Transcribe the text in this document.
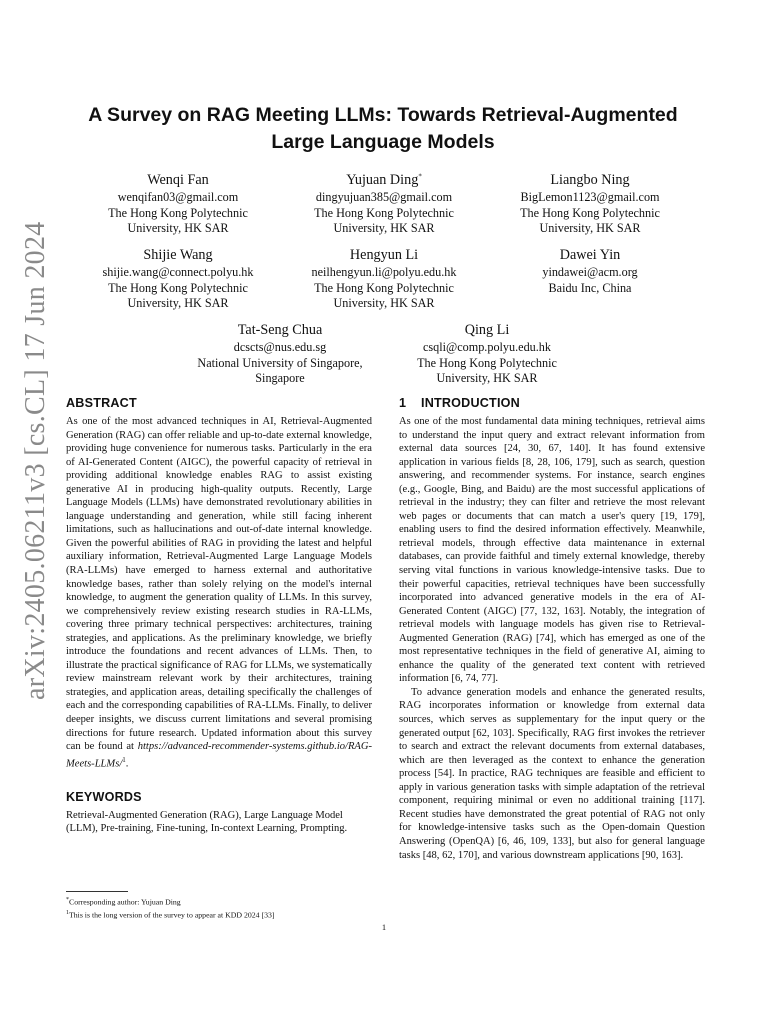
arXiv:2405.06211v3 [cs.CL] 17 Jun 2024
A Survey on RAG Meeting LLMs: Towards Retrieval-Augmented Large Language Models
Wenqi Fan
wenqifan03@gmail.com
The Hong Kong Polytechnic
University, HK SAR
Yujuan Ding*
dingyujuan385@gmail.com
The Hong Kong Polytechnic
University, HK SAR
Liangbo Ning
BigLemon1123@gmail.com
The Hong Kong Polytechnic
University, HK SAR
Shijie Wang
shijie.wang@connect.polyu.hk
The Hong Kong Polytechnic
University, HK SAR
Hengyun Li
neilhengyun.li@polyu.edu.hk
The Hong Kong Polytechnic
University, HK SAR
Dawei Yin
yindawei@acm.org
Baidu Inc, China
Tat-Seng Chua
dcscts@nus.edu.sg
National University of Singapore,
Singapore
Qing Li
csqli@comp.polyu.edu.hk
The Hong Kong Polytechnic
University, HK SAR
ABSTRACT

As one of the most advanced techniques in AI, Retrieval-Augmented Generation (RAG) can offer reliable and up-to-date external knowledge, providing huge convenience for numerous tasks. Particularly in the era of AI-Generated Content (AIGC), the powerful capacity of retrieval in providing additional knowledge enables RAG to assist existing generative AI in producing high-quality outputs. Recently, Large Language Models (LLMs) have demonstrated revolutionary abilities in language understanding and generation, while still facing inherent limitations, such as hallucinations and out-of-date internal knowledge. Given the powerful abilities of RAG in providing the latest and helpful auxiliary information, Retrieval-Augmented Large Language Models (RA-LLMs) have emerged to harness external and authoritative knowledge bases, rather than solely relying on the model's internal knowledge, to augment the generation quality of LLMs. In this survey, we comprehensively review existing research studies in RA-LLMs, covering three primary technical perspectives: architectures, training strategies, and applications. As the preliminary knowledge, we briefly introduce the foundations and recent advances of LLMs. Then, to illustrate the practical significance of RAG for LLMs, we systematically review mainstream relevant work by their architectures, training strategies, and application areas, detailing specifically the challenges of each and the corresponding capabilities of RA-LLMs. Finally, to deliver deeper insights, we discuss current limitations and several promising directions for future research. Updated information about this survey can be found at https://advanced-recommender-systems.github.io/RAG-Meets-LLMs/$^1$.

KEYWORDS

Retrieval-Augmented Generation (RAG), Large Language Model (LLM), Pre-training, Fine-tuning, In-context Learning, Prompting.

1 INTRODUCTION

As one of the most fundamental data mining techniques, retrieval aims to understand the input query and extract relevant information from external data sources [24, 30, 67, 140]. It has found extensive application in various fields [8, 28, 106, 179], such as search, question answering, and recommender systems. For instance, search engines (e.g., Google, Bing, and Baidu) are the most successful applications of retrieval in the industry; they can filter and retrieve the most relevant web pages or documents that can match a user's query [19, 179], enabling users to find the desired information effectively. Meanwhile, retrieval models, through effective data maintenance in external databases, can provide faithful and timely external knowledge, thereby serving vital functions in various knowledge-intensive tasks. Due to their powerful capacities, retrieval techniques have been successfully incorporated into advanced generative models in the era of AI-Generated Content (AIGC) [77, 132, 163]. Notably, the integration of retrieval models with language models has given rise to Retrieval-Augmented Generation (RAG) [74], which has emerged as one of the most representative techniques in the field of generative AI, aiming to enhance the quality of the generated text content with retrieved information [6, 74, 77].

To advance generation models and enhance the generated results, RAG incorporates information or knowledge from external data sources, which serves as supplementary for the input query or the generated output [62, 103]. Specifically, RAG first invokes the retriever to search and extract the relevant documents from external databases, which are then leveraged as the context to enhance the generation process [54]. In practice, RAG techniques are feasible and efficient to apply in various generation tasks with simple adaptation of the retrieval component, requiring minimal or even no additional training [117]. Recent studies have demonstrated the great potential of RAG not only for knowledge-intensive tasks such as the Open-domain Question Answering (OpenQA) [6, 46, 109, 133], but also for general language tasks [48, 62, 170], and various downstream applications [90, 163].

*Corresponding author: Yujuan Ding
$^1$This is the long version of the survey to appear at KDD 2024 [33]
1
